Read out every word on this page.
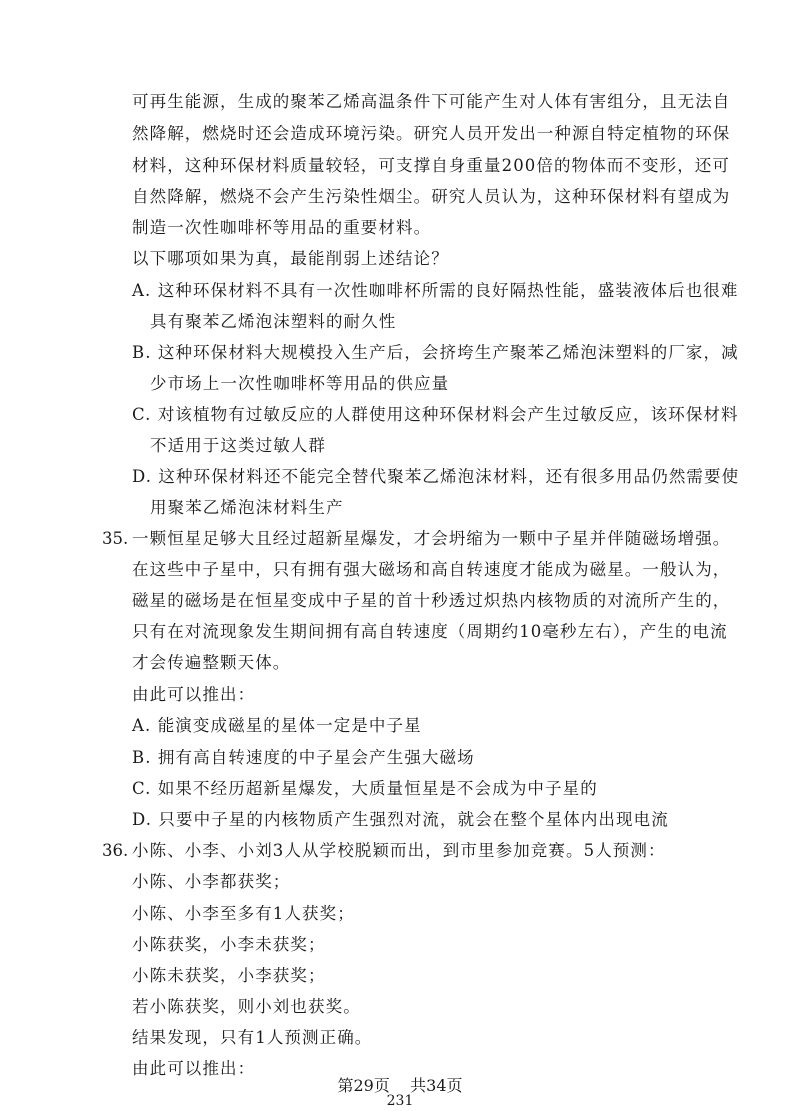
可再生能源，生成的聚苯乙烯高温条件下可能产生对人体有害组分，且无法自
然降解，燃烧时还会造成环境污染。研究人员开发出一种源自特定植物的环保
材料，这种环保材料质量较轻，可支撑自身重量200倍的物体而不变形，还可
自然降解，燃烧不会产生污染性烟尘。研究人员认为，这种环保材料有望成为
制造一次性咖啡杯等用品的重要材料。
以下哪项如果为真，最能削弱上述结论？
A. 这种环保材料不具有一次性咖啡杯所需的良好隔热性能，盛装液体后也很难
具有聚苯乙烯泡沫塑料的耐久性
B. 这种环保材料大规模投入生产后，会挤垮生产聚苯乙烯泡沫塑料的厂家，减
少市场上一次性咖啡杯等用品的供应量
C. 对该植物有过敏反应的人群使用这种环保材料会产生过敏反应，该环保材料
不适用于这类过敏人群
D. 这种环保材料还不能完全替代聚苯乙烯泡沫材料，还有很多用品仍然需要使
用聚苯乙烯泡沫材料生产
35. 一颗恒星足够大且经过超新星爆发，才会坍缩为一颗中子星并伴随磁场增强。
在这些中子星中，只有拥有强大磁场和高自转速度才能成为磁星。一般认为，
磁星的磁场是在恒星变成中子星的首十秒透过炽热内核物质的对流所产生的，
只有在对流现象发生期间拥有高自转速度（周期约10毫秒左右），产生的电流
才会传遍整颗天体。
由此可以推出：
A. 能演变成磁星的星体一定是中子星
B. 拥有高自转速度的中子星会产生强大磁场
C. 如果不经历超新星爆发，大质量恒星是不会成为中子星的
D. 只要中子星的内核物质产生强烈对流，就会在整个星体内出现电流
36. 小陈、小李、小刘3人从学校脱颖而出，到市里参加竞赛。5人预测：
小陈、小李都获奖；
小陈、小李至多有1人获奖；
小陈获奖，小李未获奖；
小陈未获奖，小李获奖；
若小陈获奖，则小刘也获奖。
结果发现，只有1人预测正确。
由此可以推出：
第29页    共34页
231
